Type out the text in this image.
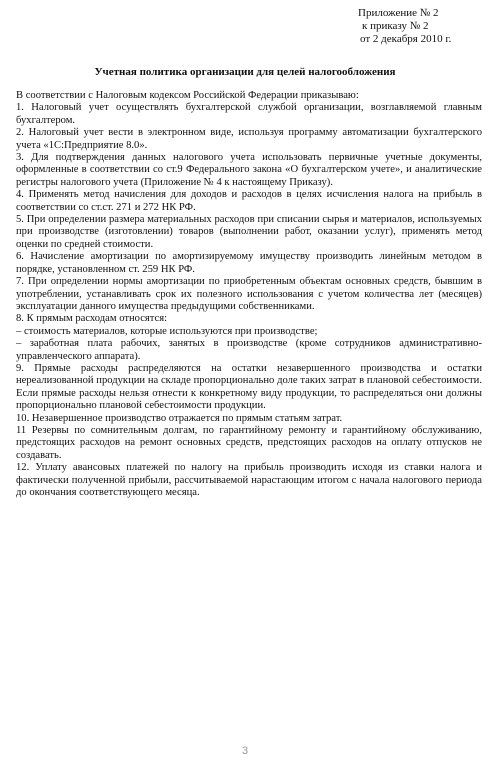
Приложение № 2
к приказу № 2
от 2 декабря 2010 г.
Учетная политика организации для целей налогообложения

В соответствии с Налоговым кодексом Российской Федерации приказываю:

1. Налоговый учет осуществлять бухгалтерской службой организации, возглавляемой главным бухгалтером.

2. Налоговый учет вести в электронном виде, используя программу автоматизации бухгалтерского учета «1С:Предприятие 8.0».

3. Для подтверждения данных налогового учета использовать первичные учетные документы, оформленные в соответствии со ст.9 Федерального закона «О бухгалтерском учете», и аналитические регистры налогового учета (Приложение № 4 к настоящему Приказу).

4. Применять метод начисления для доходов и расходов в целях исчисления налога на прибыль в соответствии со ст.ст. 271 и 272 НК РФ.

5. При определении размера материальных расходов при списании сырья и материалов, используемых при производстве (изготовлении) товаров (выполнении работ, оказании услуг), применять метод оценки по средней стоимости.

6. Начисление амортизации по амортизируемому имуществу производить линейным методом в порядке, установленном ст. 259 НК РФ.

7. При определении нормы амортизации по приобретенным объектам основных средств, бывшим в употреблении, устанавливать срок их полезного использования с учетом количества лет (месяцев) эксплуатации данного имущества предыдущими собственниками.

8. К прямым расходам относятся:

– стоимость материалов, которые используются при производстве;

– заработная плата рабочих, занятых в производстве (кроме сотрудников административно-управленческого аппарата).

9. Прямые расходы распределяются на остатки незавершенного производства и остатки нереализованной продукции на складе пропорционально доле таких затрат в плановой себестоимости. Если прямые расходы нельзя отнести к конкретному виду продукции, то распределяться они должны пропорционально плановой себестоимости продукции.

10. Незавершенное производство отражается по прямым статьям затрат.

11 Резервы по сомнительным долгам, по гарантийному ремонту и гарантийному обслуживанию, предстоящих расходов на ремонт основных средств, предстоящих расходов на оплату отпусков не создавать.

12. Уплату авансовых платежей по налогу на прибыль производить исходя из ставки налога и фактически полученной прибыли, рассчитываемой нарастающим итогом с начала налогового периода до окончания соответствующего месяца.

3
